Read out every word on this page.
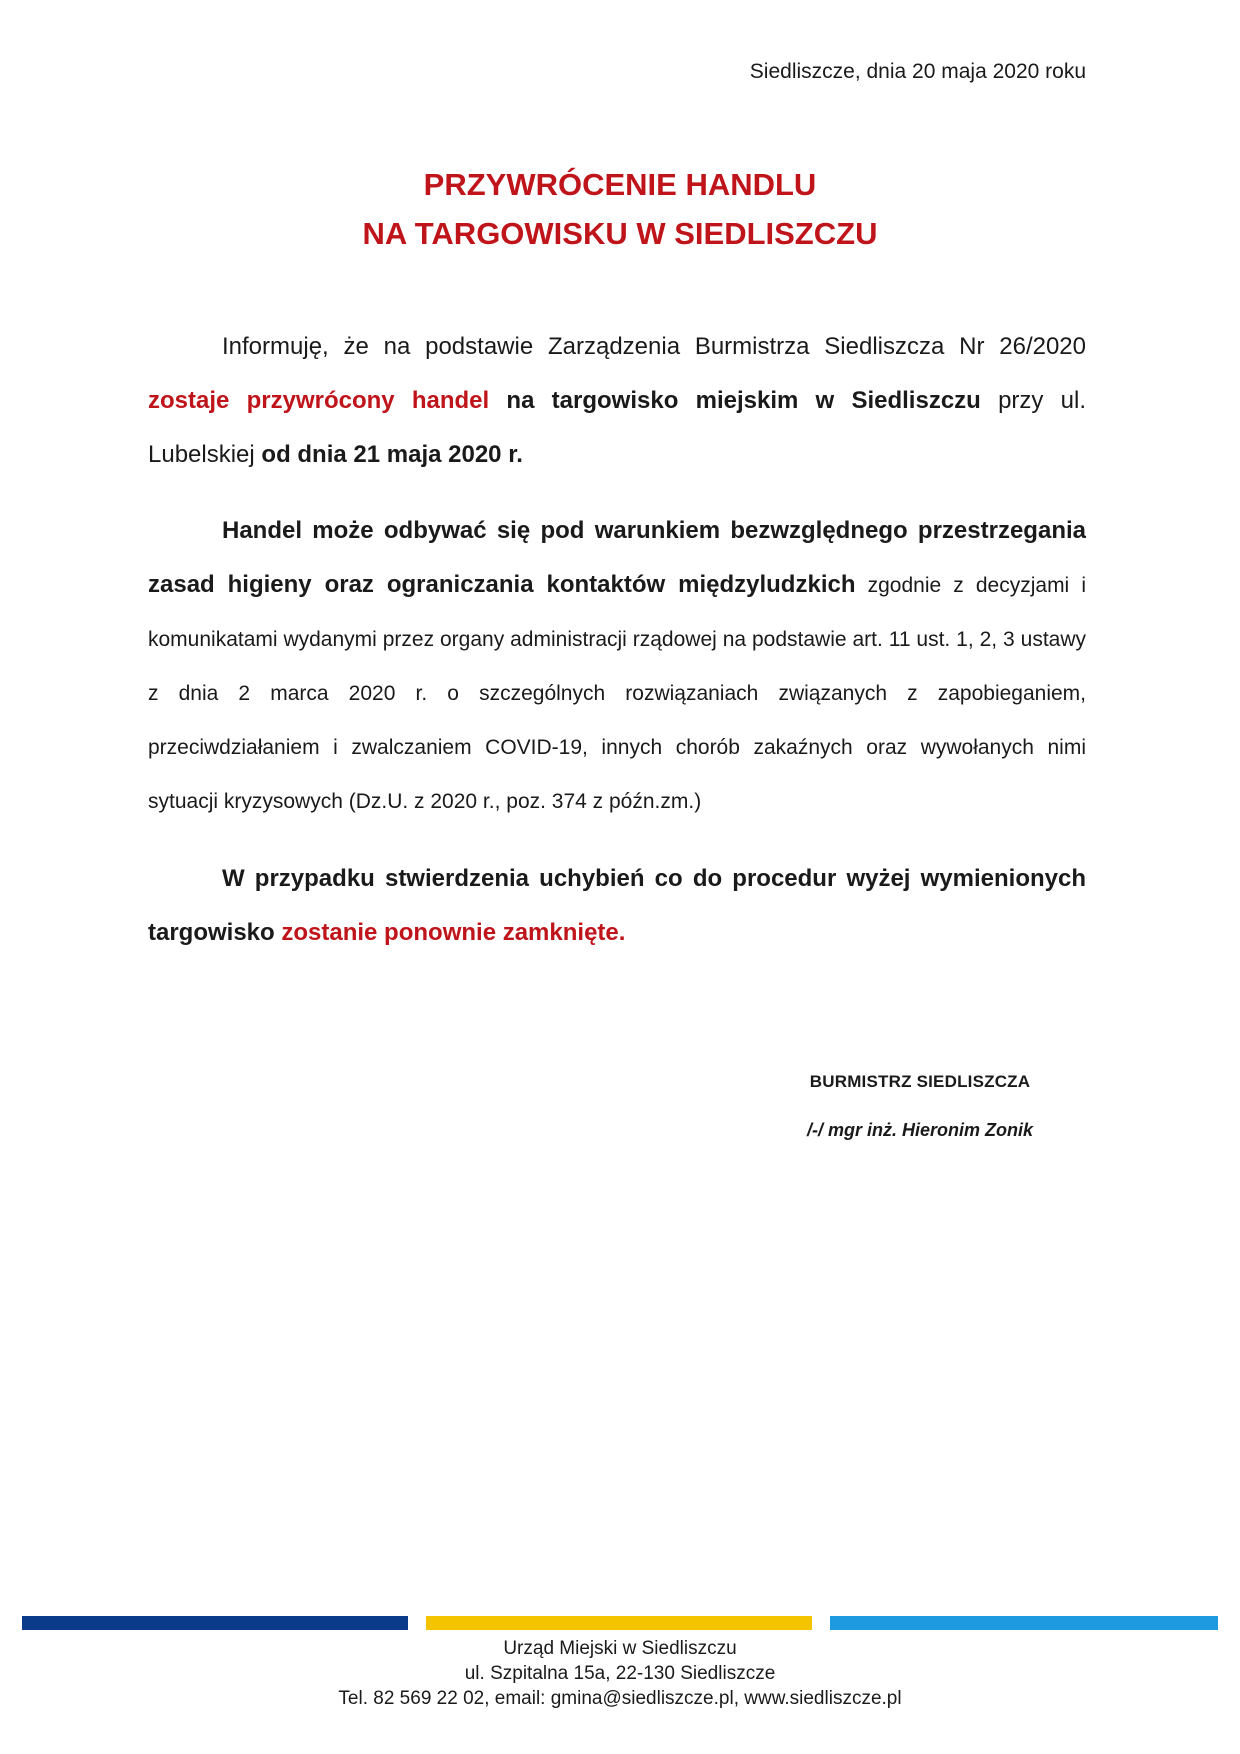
Siedliszcze, dnia 20 maja 2020 roku
PRZYWRÓCENIE HANDLU
NA TARGOWISKU W SIEDLISZCZU

Informuję, że na podstawie Zarządzenia Burmistrza Siedliszcza Nr 26/2020 zostaje przywrócony handel na targowisko miejskim w Siedliszczu przy ul. Lubelskiej od dnia 21 maja 2020 r.

Handel może odbywać się pod warunkiem bezwzględnego przestrzegania zasad higieny oraz ograniczania kontaktów międzyludzkich zgodnie z decyzjami i komunikatami wydanymi przez organy administracji rządowej na podstawie art. 11 ust. 1, 2, 3 ustawy z dnia 2 marca 2020 r. o szczególnych rozwiązaniach związanych z zapobieganiem, przeciwdziałaniem i zwalczaniem COVID-19, innych chorób zakaźnych oraz wywołanych nimi sytuacji kryzysowych (Dz.U. z 2020 r., poz. 374 z późn.zm.)

W przypadku stwierdzenia uchybień co do procedur wyżej wymienionych targowisko zostanie ponownie zamknięte.

BURMISTRZ SIEDLISZCZA
/-/ mgr inż. Hieronim Zonik
Urząd Miejski w Siedliszczu
ul. Szpitalna 15a, 22-130 Siedliszcze
Tel. 82 569 22 02, email: gmina@siedliszcze.pl, www.siedliszcze.pl
